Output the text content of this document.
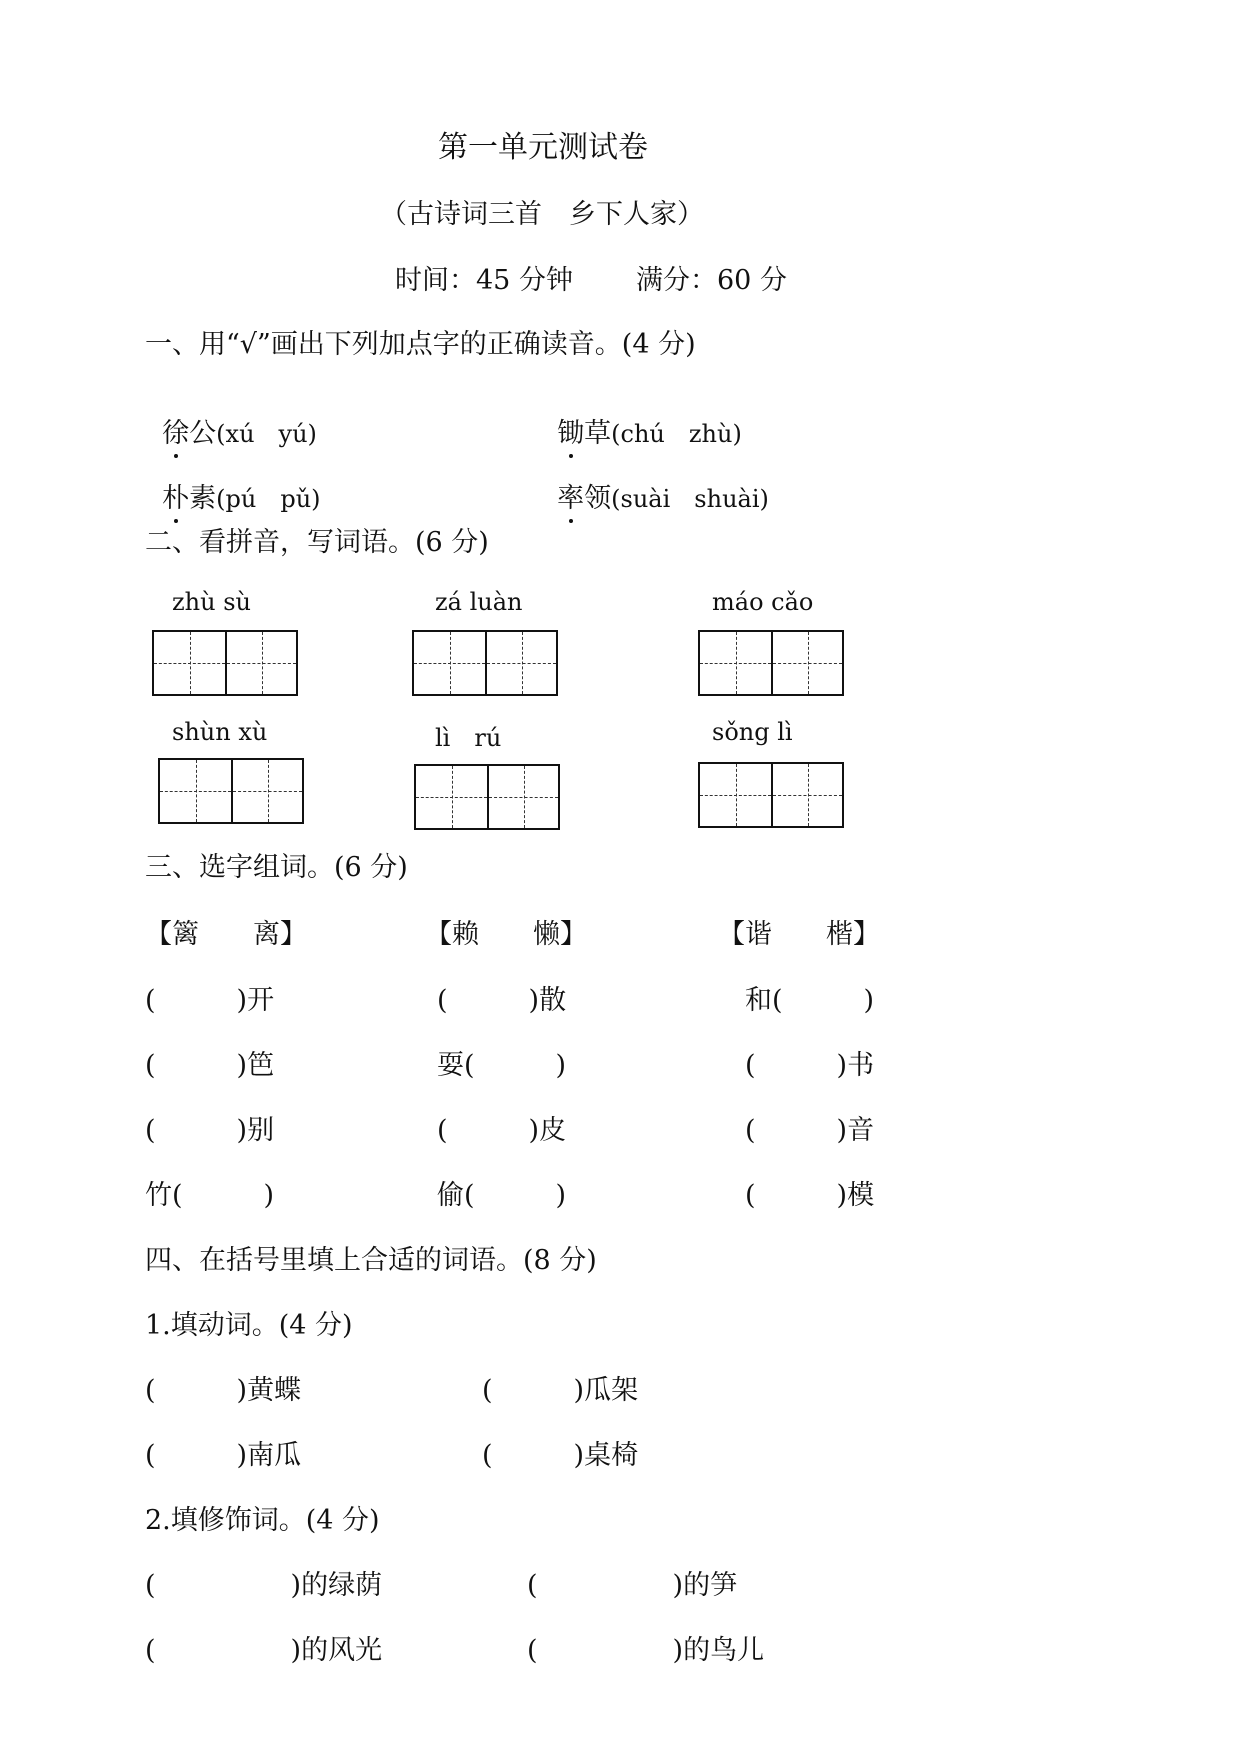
第一单元测试卷
（古诗词三首　乡下人家）
时间：45 分钟 满分：60 分
一、用“√”画出下列加点字的正确读音。(4 分)

徐公(xú　yú)	锄草(chú　zhù)

朴素(pú　pǔ)	率领(suài　shuài)

二、看拼音，写词语。(6 分)
zhù sù	zá luàn	máo cǎo
shùn xù	lì　rú	sǒng lì
三、选字组词。(6 分)
【篱　　离】	【赖　　懒】	【谐　　楷】
(　　　)开	(　　　)散	和(　　　)
(　　　)笆	耍(　　　)	(　　　)书
(　　　)别	(　　　)皮	(　　　)音
竹(　　　)	偷(　　　)	(　　　)模
四、在括号里填上合适的词语。(8 分)
1.填动词。(4 分)
(　　　)黄蝶	(　　　)瓜架
(　　　)南瓜	(　　　)桌椅
2.填修饰词。(4 分)
(　　　　　)的绿荫	(　　　　　)的笋
(　　　　　)的风光	(　　　　　)的鸟儿
